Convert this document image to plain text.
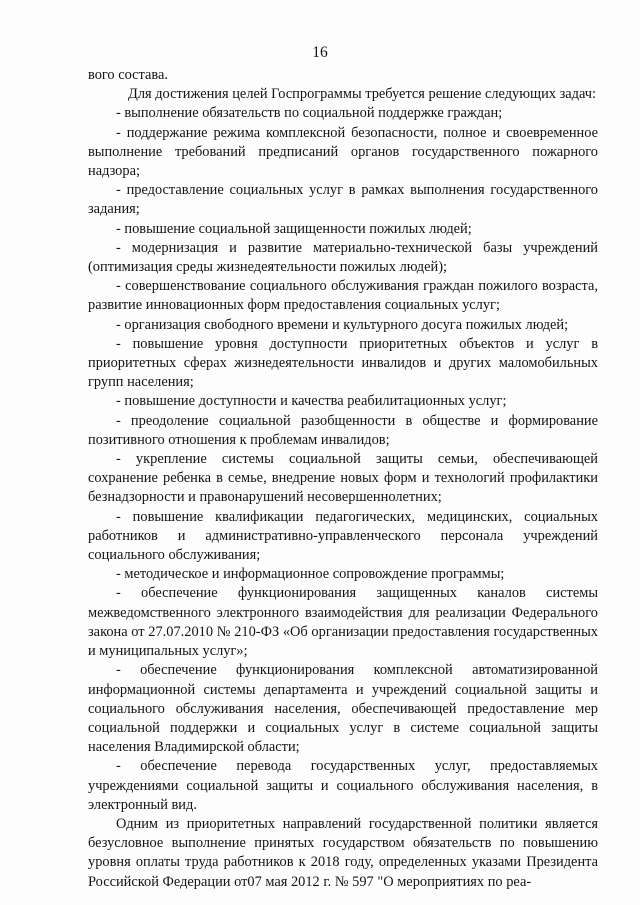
16

вого состава.

Для достижения целей Госпрограммы требуется решение следующих задач:

- выполнение обязательств по социальной поддержке граждан;

- поддержание режима комплексной безопасности, полное и своевременное выполнение требований предписаний органов государственного пожарного надзора;

- предоставление социальных услуг в рамках выполнения государственного задания;

- повышение социальной защищенности пожилых людей;

- модернизация и развитие материально-технической базы учреждений (оптимизация среды жизнедеятельности пожилых людей);

- совершенствование социального обслуживания граждан пожилого возраста, развитие инновационных форм предоставления социальных услуг;

- организация свободного времени и культурного досуга пожилых людей;

- повышение уровня доступности приоритетных объектов и услуг в приоритетных сферах жизнедеятельности инвалидов и других маломобильных групп населения;

- повышение доступности и качества реабилитационных услуг;

- преодоление социальной разобщенности в обществе и формирование позитивного отношения к проблемам инвалидов;

- укрепление системы социальной защиты семьи, обеспечивающей сохранение ребенка в семье, внедрение новых форм и технологий профилактики безнадзорности и правонарушений несовершеннолетних;

- повышение квалификации педагогических, медицинских, социальных работников и административно-управленческого персонала учреждений социального обслуживания;

- методическое и информационное сопровождение программы;

- обеспечение функционирования защищенных каналов системы межведомственного электронного взаимодействия для реализации Федерального закона от 27.07.2010 № 210-ФЗ «Об организации предоставления государственных и муниципальных услуг»;

- обеспечение функционирования комплексной автоматизированной информационной системы департамента и учреждений социальной защиты и социального обслуживания населения, обеспечивающей предоставление мер социальной поддержки и социальных услуг в системе социальной защиты населения Владимирской области;

- обеспечение перевода государственных услуг, предоставляемых учреждениями социальной защиты и социального обслуживания населения, в электронный вид.

Одним из приоритетных направлений государственной политики является безусловное выполнение принятых государством обязательств по повышению уровня оплаты труда работников к 2018 году, определенных указами Президента Российской Федерации от07 мая 2012 г. № 597 "О мероприятиях по реа-
